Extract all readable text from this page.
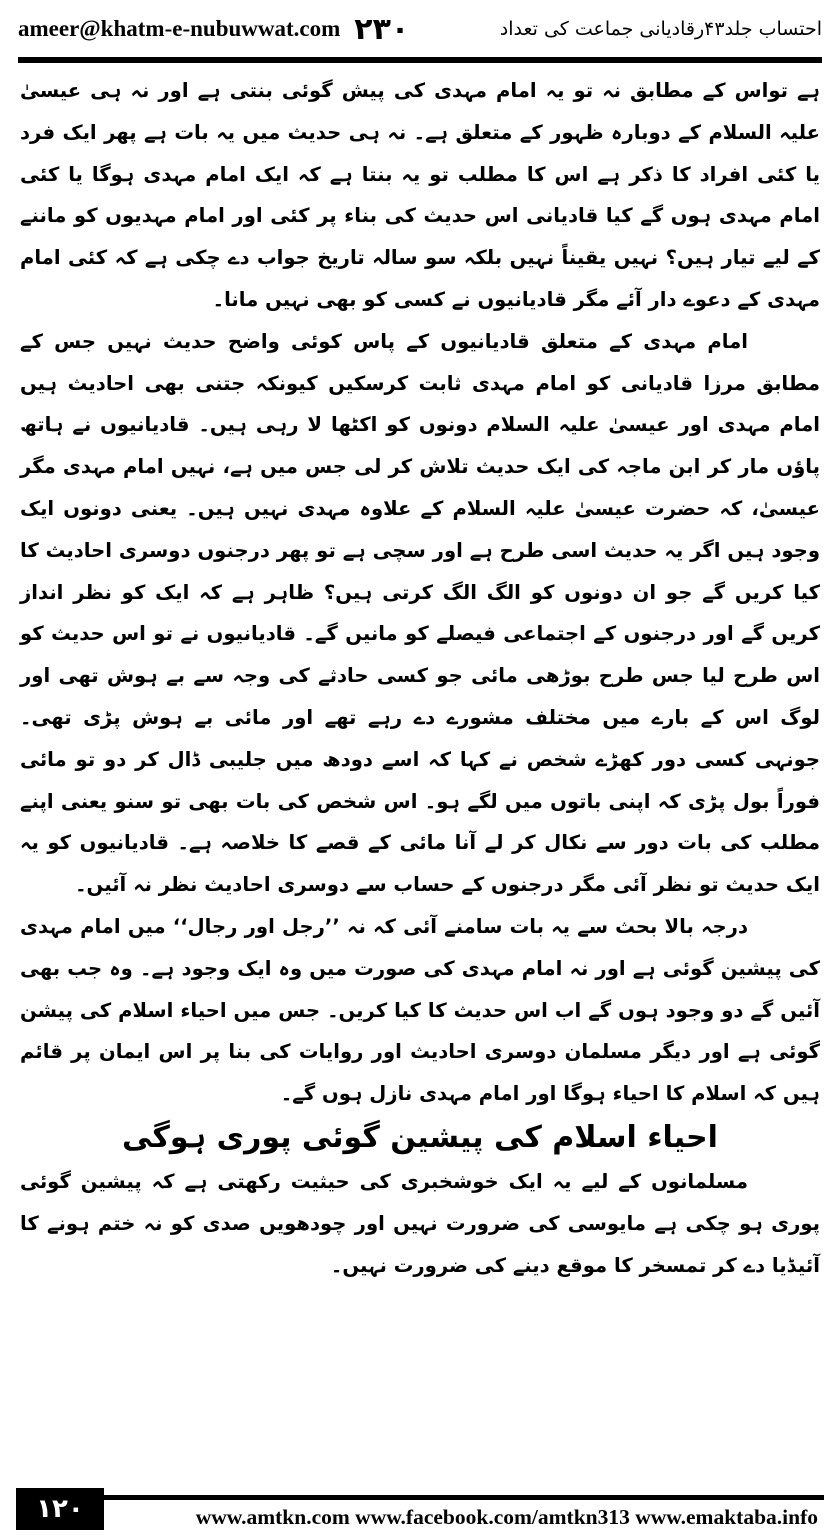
ameer@khatm-e-nubuwwat.com ۲۳۰	احتساب جلد۴۳رقادیانی جماعت کی تعداد

ہے تواس کے مطابق نہ تو یہ امام مہدی کی پیش گوئی بنتی ہے اور نہ ہی عیسیٰ علیہ السلام کے دوبارہ ظہور کے متعلق ہے۔ نہ ہی حدیث میں یہ بات ہے پھر ایک فرد یا کئی افراد کا ذکر ہے اس کا مطلب تو یہ بنتا ہے کہ ایک امام مہدی ہوگا یا کئی امام مہدی ہوں گے کیا قادیانی اس حدیث کی بناء پر کئی اور امام مہدیوں کو ماننے کے لیے تیار ہیں؟ نہیں یقیناً نہیں بلکہ سو سالہ تاریخ جواب دے چکی ہے کہ کئی امام مہدی کے دعوے دار آئے مگر قادیانیوں نے کسی کو بھی نہیں مانا۔

امام مہدی کے متعلق قادیانیوں کے پاس کوئی واضح حدیث نہیں جس کے مطابق مرزا قادیانی کو امام مہدی ثابت کرسکیں کیونکہ جتنی بھی احادیث ہیں امام مہدی اور عیسیٰ علیہ السلام دونوں کو اکٹھا لا رہی ہیں۔ قادیانیوں نے ہاتھ پاؤں مار کر ابن ماجہ کی ایک حدیث تلاش کر لی جس میں ہے، نہیں امام مہدی مگر عیسیٰ، کہ حضرت عیسیٰ علیہ السلام کے علاوہ مہدی نہیں ہیں۔ یعنی دونوں ایک وجود ہیں اگر یہ حدیث اسی طرح ہے اور سچی ہے تو پھر درجنوں دوسری احادیث کا کیا کریں گے جو ان دونوں کو الگ الگ کرتی ہیں؟ ظاہر ہے کہ ایک کو نظر انداز کریں گے اور درجنوں کے اجتماعی فیصلے کو مانیں گے۔ قادیانیوں نے تو اس حدیث کو اس طرح لیا جس طرح بوڑھی مائی جو کسی حادثے کی وجہ سے بے ہوش تھی اور لوگ اس کے بارے میں مختلف مشورے دے رہے تھے اور مائی بے ہوش پڑی تھی۔ جونہی کسی دور کھڑے شخص نے کہا کہ اسے دودھ میں جلیبی ڈال کر دو تو مائی فوراً بول پڑی کہ اپنی باتوں میں لگے ہو۔ اس شخص کی بات بھی تو سنو یعنی اپنے مطلب کی بات دور سے نکال کر لے آنا مائی کے قصے کا خلاصہ ہے۔ قادیانیوں کو یہ ایک حدیث تو نظر آئی مگر درجنوں کے حساب سے دوسری احادیث نظر نہ آئیں۔

درجہ بالا بحث سے یہ بات سامنے آئی کہ نہ ’’رجل اور رجال‘‘ میں امام مہدی کی پیشین گوئی ہے اور نہ امام مہدی کی صورت میں وہ ایک وجود ہے۔ وہ جب بھی آئیں گے دو وجود ہوں گے اب اس حدیث کا کیا کریں۔ جس میں احیاء اسلام کی پیشن گوئی ہے اور دیگر مسلمان دوسری احادیث اور روایات کی بنا پر اس ایمان پر قائم ہیں کہ اسلام کا احیاء ہوگا اور امام مہدی نازل ہوں گے۔

احیاء اسلام کی پیشین گوئی پوری ہوگی

مسلمانوں کے لیے یہ ایک خوشخبری کی حیثیت رکھتی ہے کہ پیشین گوئی پوری ہو چکی ہے مایوسی کی ضرورت نہیں اور چودھویں صدی کو نہ ختم ہونے کا آئیڈیا دے کر تمسخر کا موقع دینے کی ضرورت نہیں۔

۱۲۰	www.amtkn.com www.facebook.com/amtkn313 www.emaktaba.info
